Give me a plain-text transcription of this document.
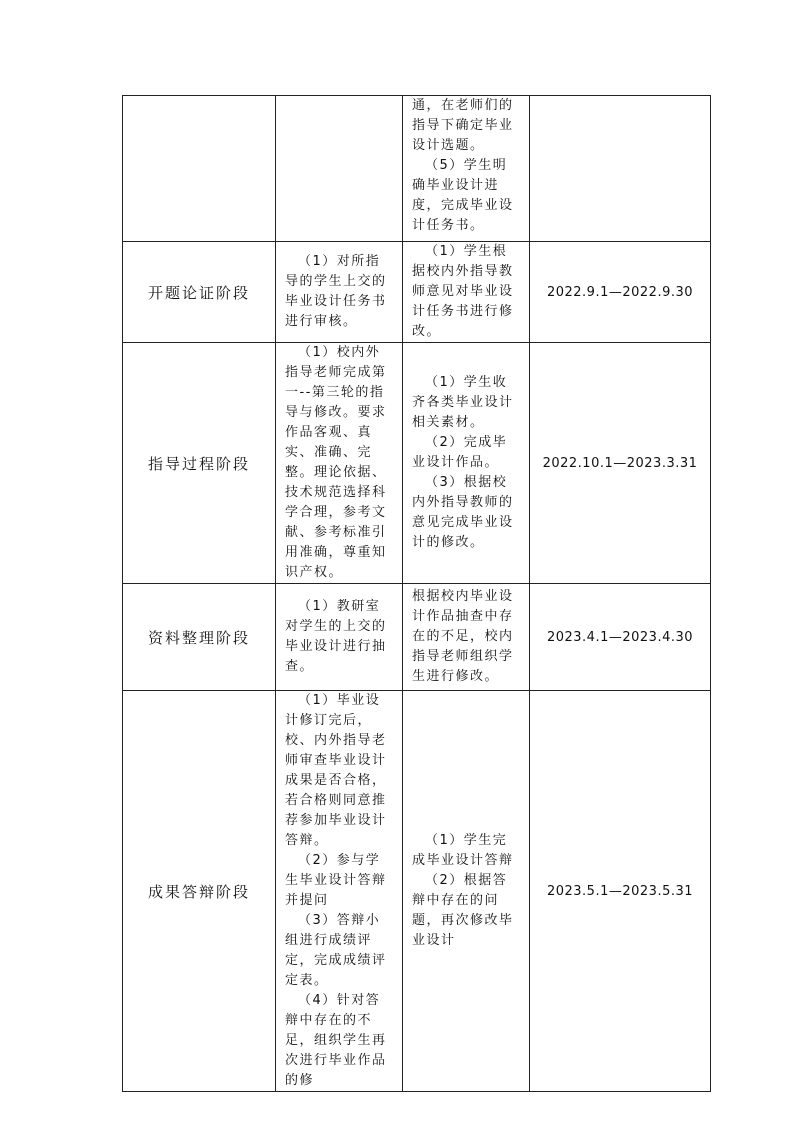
		通，在老师们的指导下确定毕业设计选题。
（5）学生明确毕业设计进度，完成毕业设计任务书。	

开题论证阶段	（1）对所指导的学生上交的毕业设计任务书进行审核。	（1）学生根据校内外指导教师意见对毕业设计任务书进行修改。	2022.9.1—2022.9.30
指导过程阶段	（1）校内外指导老师完成第一--第三轮的指导与修改。要求作品客观、真实、准确、完整。理论依据、技术规范选择科学合理，参考文献、参考标准引用准确，尊重知识产权。	（1）学生收齐各类毕业设计相关素材。
（2）完成毕业设计作品。
（3）根据校内外指导教师的意见完成毕业设计的修改。	2022.10.1—2023.3.31
资料整理阶段	（1）教研室对学生的上交的毕业设计进行抽查。	根据校内毕业设计作品抽查中存在的不足，校内指导老师组织学生进行修改。	2023.4.1—2023.4.30
成果答辩阶段	（1）毕业设计修订完后，校、内外指导老师审查毕业设计成果是否合格，若合格则同意推荐参加毕业设计答辩。
（2）参与学生毕业设计答辩并提问
（3）答辩小组进行成绩评定，完成成绩评定表。
（4）针对答辩中存在的不足，组织学生再次进行毕业作品的修	（1）学生完成毕业设计答辩
（2）根据答辩中存在的问题，再次修改毕业设计	2023.5.1—2023.5.31
